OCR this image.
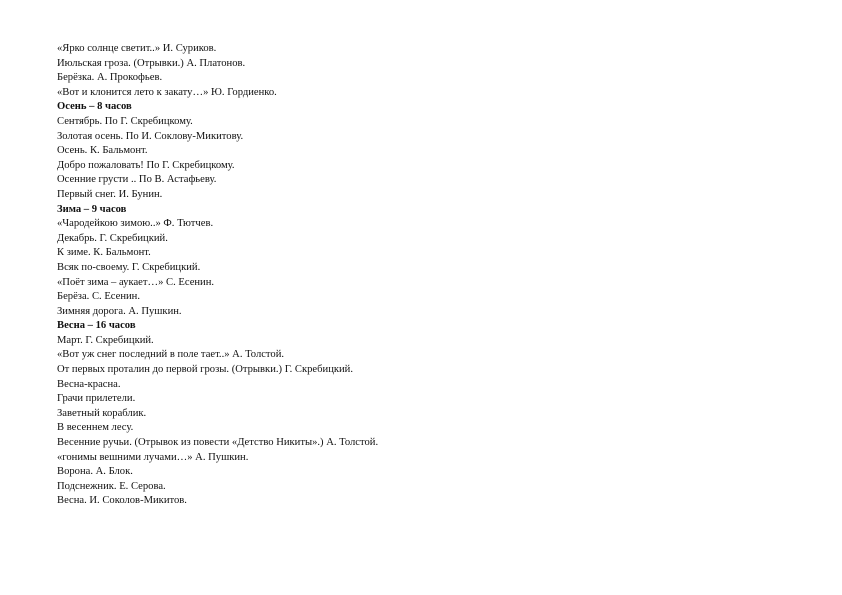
«Ярко солнце светит..» И. Суриков.
Июльская гроза. (Отрывки.) А. Платонов.
Берёзка. А. Прокофьев.
«Вот и клонится лето к закату…» Ю. Гордиенко.
Осень – 8 часов
Сентябрь. По Г. Скребицкому.
Золотая осень. По И. Соклову-Микитову.
Осень. К. Бальмонт.
Добро пожаловать! По Г. Скребицкому.
Осенние грусти .. По В. Астафьеву.
Первый снег. И. Бунин.
Зима – 9 часов
«Чародейкою зимою..» Ф. Тютчев.
Декабрь. Г. Скребицкий.
К зиме. К. Бальмонт.
Всяк по-своему. Г. Скребицкий.
«Поёт зима – аукает…» С. Есенин.
Берёза. С. Есенин.
Зимняя дорога. А. Пушкин.
Весна – 16 часов
Март. Г. Скребицкий.
«Вот уж снег последний в поле тает..» А. Толстой.
От первых проталин до первой грозы. (Отрывки.) Г. Скребицкий.
Весна-красна.
Грачи прилетели.
Заветный кораблик.
В весеннем лесу.
Весенние ручьи. (Отрывок из повести «Детство Никиты».) А. Толстой.
«гонимы вешними лучами…» А. Пушкин.
Ворона. А. Блок.
Подснежник. Е. Серова.
Весна. И. Соколов-Микитов.
